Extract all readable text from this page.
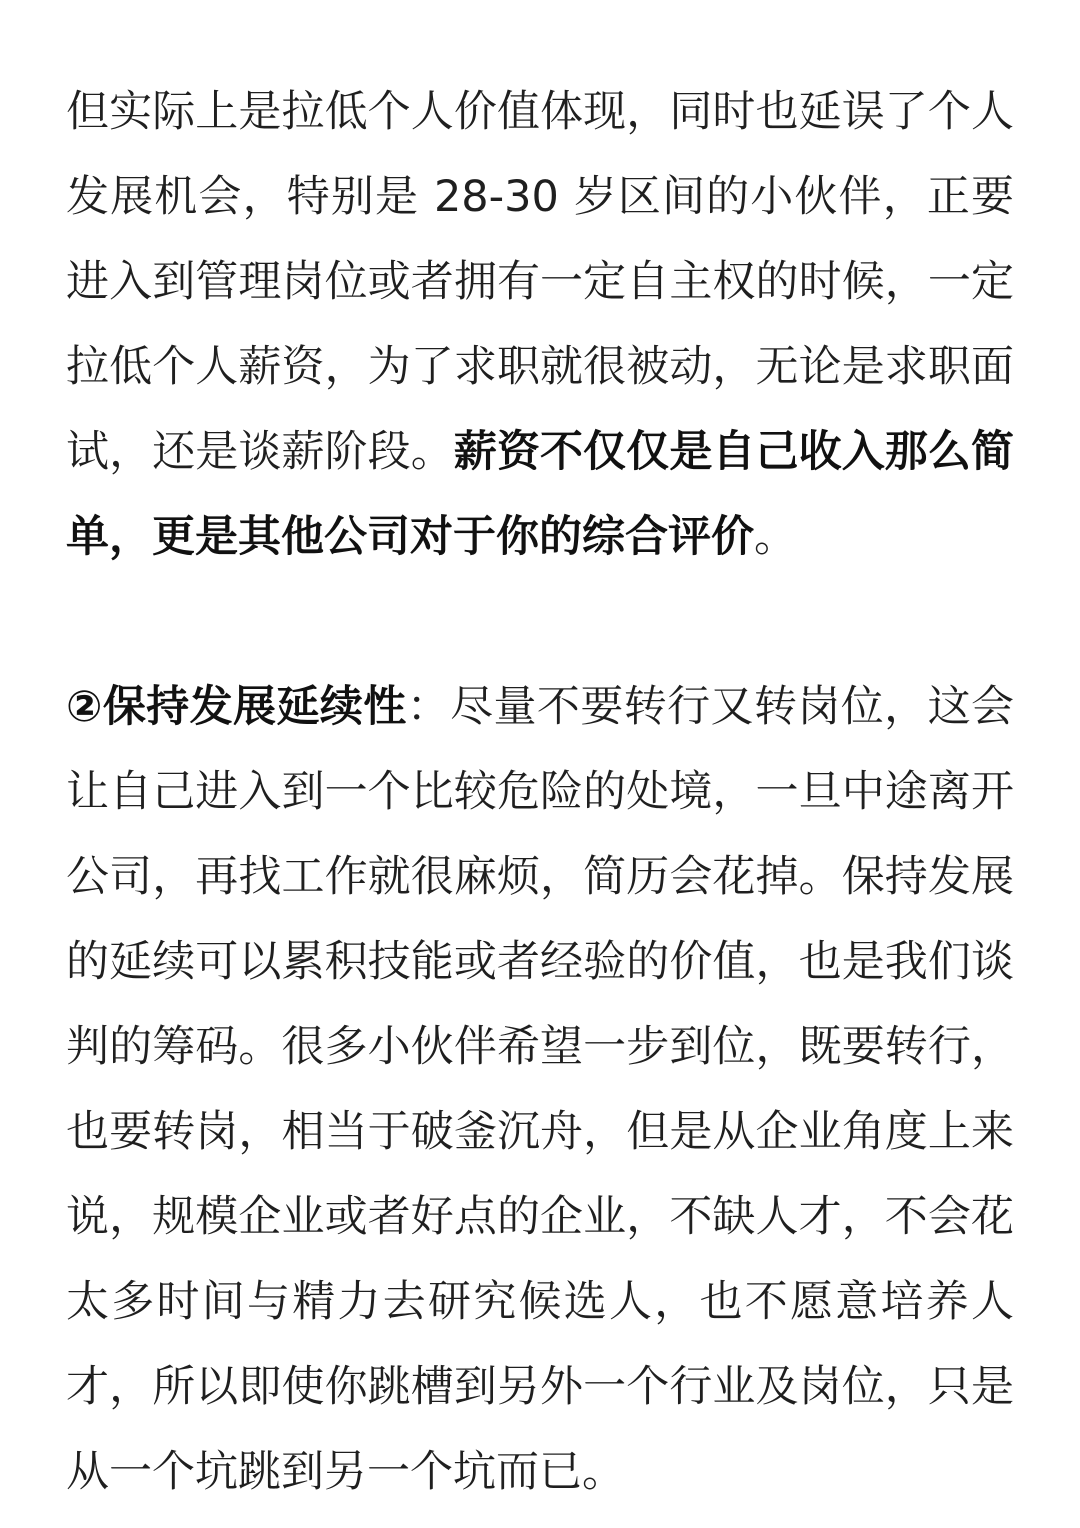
但实际上是拉低个人价值体现，同时也延误了个人发展机会，特别是 28-30 岁区间的小伙伴，正要进入到管理岗位或者拥有一定自主权的时候，一定拉低个人薪资，为了求职就很被动，无论是求职面试，还是谈薪阶段。薪资不仅仅是自己收入那么简单，更是其他公司对于你的综合评价。

②保持发展延续性：尽量不要转行又转岗位，这会让自己进入到一个比较危险的处境，一旦中途离开公司，再找工作就很麻烦，简历会花掉。保持发展的延续可以累积技能或者经验的价值，也是我们谈判的筹码。很多小伙伴希望一步到位，既要转行，也要转岗，相当于破釜沉舟，但是从企业角度上来说，规模企业或者好点的企业，不缺人才，不会花太多时间与精力去研究候选人，也不愿意培养人才，所以即使你跳槽到另外一个行业及岗位，只是从一个坑跳到另一个坑而已。
